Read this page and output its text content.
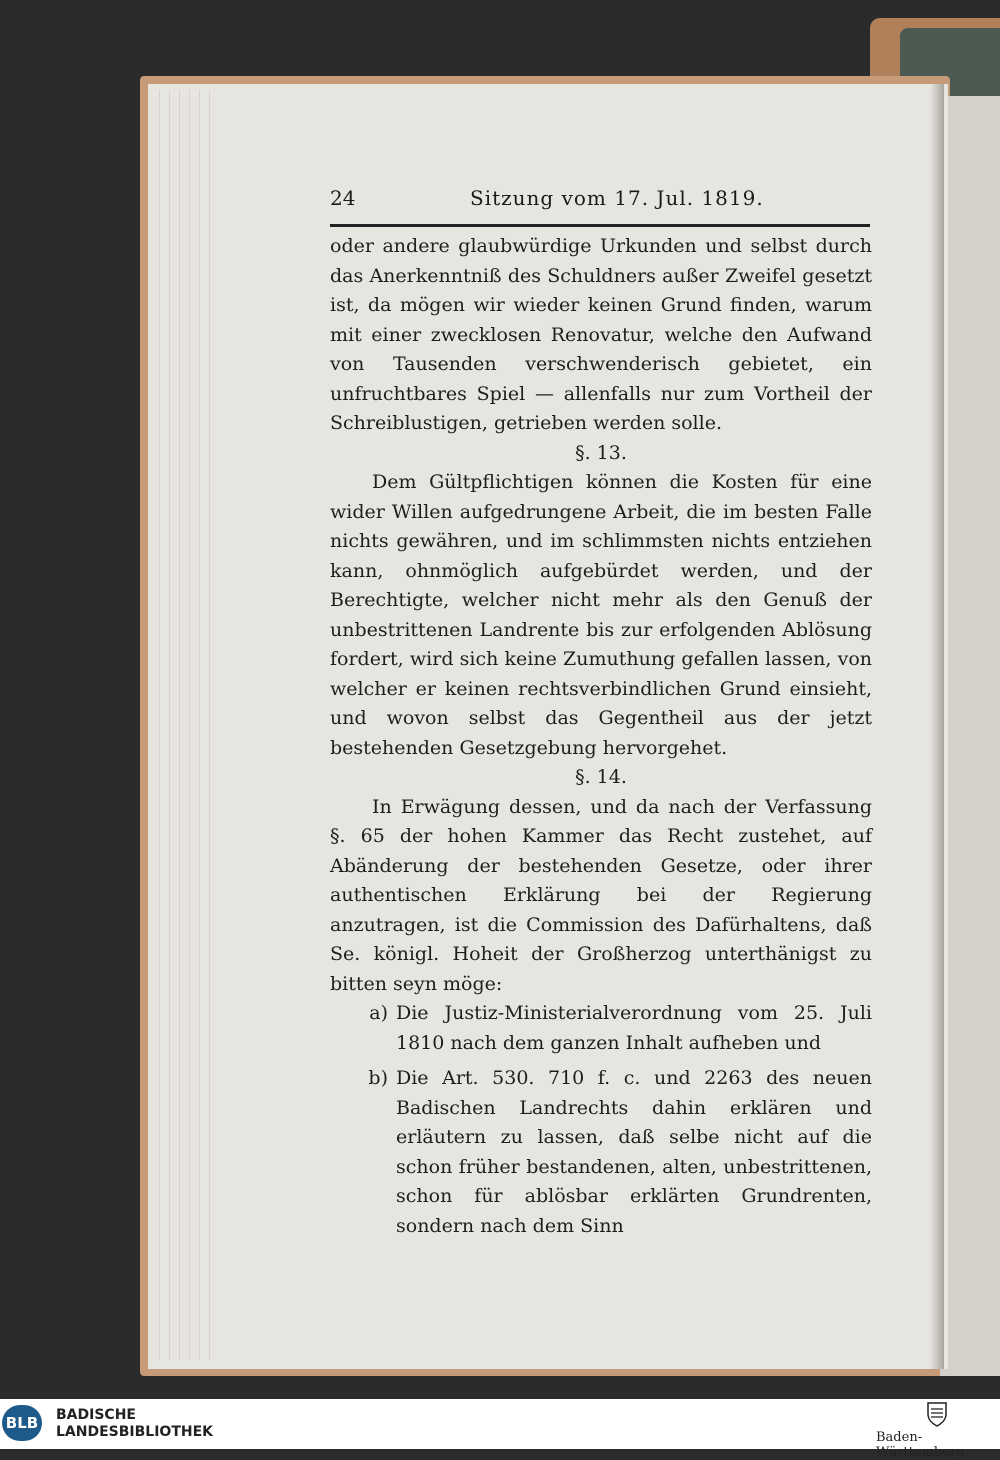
24	Sitzung vom 17. Jul. 1819.

oder andere glaubwürdige Urkunden und selbst durch das Anerkenntniß des Schuldners außer Zweifel gesetzt ist, da mögen wir wieder keinen Grund finden, warum mit einer zwecklosen Renovatur, welche den Aufwand von Tausenden verschwenderisch gebietet, ein unfruchtbares Spiel — allenfalls nur zum Vortheil der Schreiblustigen, getrieben werden solle.

§. 13.

Dem Gültpflichtigen können die Kosten für eine wider Willen aufgedrungene Arbeit, die im besten Falle nichts gewähren, und im schlimmsten nichts entziehen kann, ohnmöglich aufgebürdet werden, und der Berechtigte, welcher nicht mehr als den Genuß der unbestrittenen Landrente bis zur erfolgenden Ablösung fordert, wird sich keine Zumuthung gefallen lassen, von welcher er keinen rechtsverbindlichen Grund einsieht, und wovon selbst das Gegentheil aus der jetzt bestehenden Gesetzgebung hervorgehet.

§. 14.

In Erwägung dessen, und da nach der Verfassung §. 65 der hohen Kammer das Recht zustehet, auf Abänderung der bestehenden Gesetze, oder ihrer authentischen Erklärung bei der Regierung anzutragen, ist die Commission des Dafürhaltens, daß Se. königl. Hoheit der Großherzog unterthänigst zu bitten seyn möge:

a) Die Justiz-Ministerialverordnung vom 25. Juli 1810 nach dem ganzen Inhalt aufheben und
b) Die Art. 530. 710 f. c. und 2263 des neuen Badischen Landrechts dahin erklären und erläutern zu lassen, daß selbe nicht auf die schon früher bestandenen, alten, unbestrittenen, schon für ablösbar erklärten Grundrenten, sondern nach dem Sinn
BLB BADISCHE
LANDESBIBLIOTHEK	Baden-Württemberg
